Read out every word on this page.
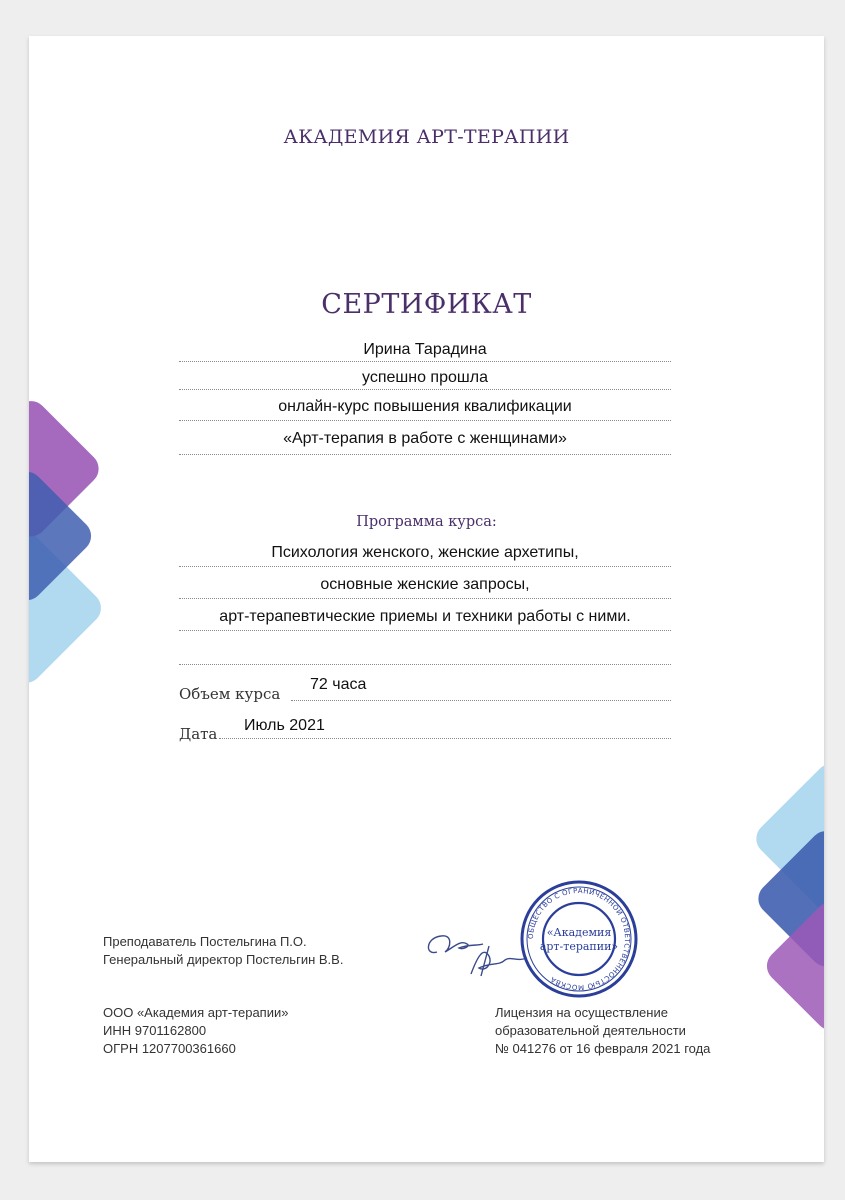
АКАДЕМИЯ АРТ-ТЕРАПИИ
СЕРТИФИКАТ
Ирина Тарадина
успешно прошла
онлайн-курс повышения квалификации
«Арт-терапия в работе с женщинами»
Программа курса:
Психология женского, женские архетипы,
основные женские запросы,
арт-терапевтические приемы и техники работы с ними.
Объем курса
72 часа
Дата Июль 2021
Преподаватель Постельгина П.О.
Генеральный директор Постельгин В.В.
ОБЩЕСТВО С ОГРАНИЧЕННОЙ ОТВЕТСТВЕННОСТЬЮ МОСКВА
«Академия
арт-терапии»
ООО «Академия арт-терапии»
ИНН 9701162800
ОГРН 1207700361660
Лицензия на осуществление
образовательной деятельности
№ 041276 от 16 февраля 2021 года
